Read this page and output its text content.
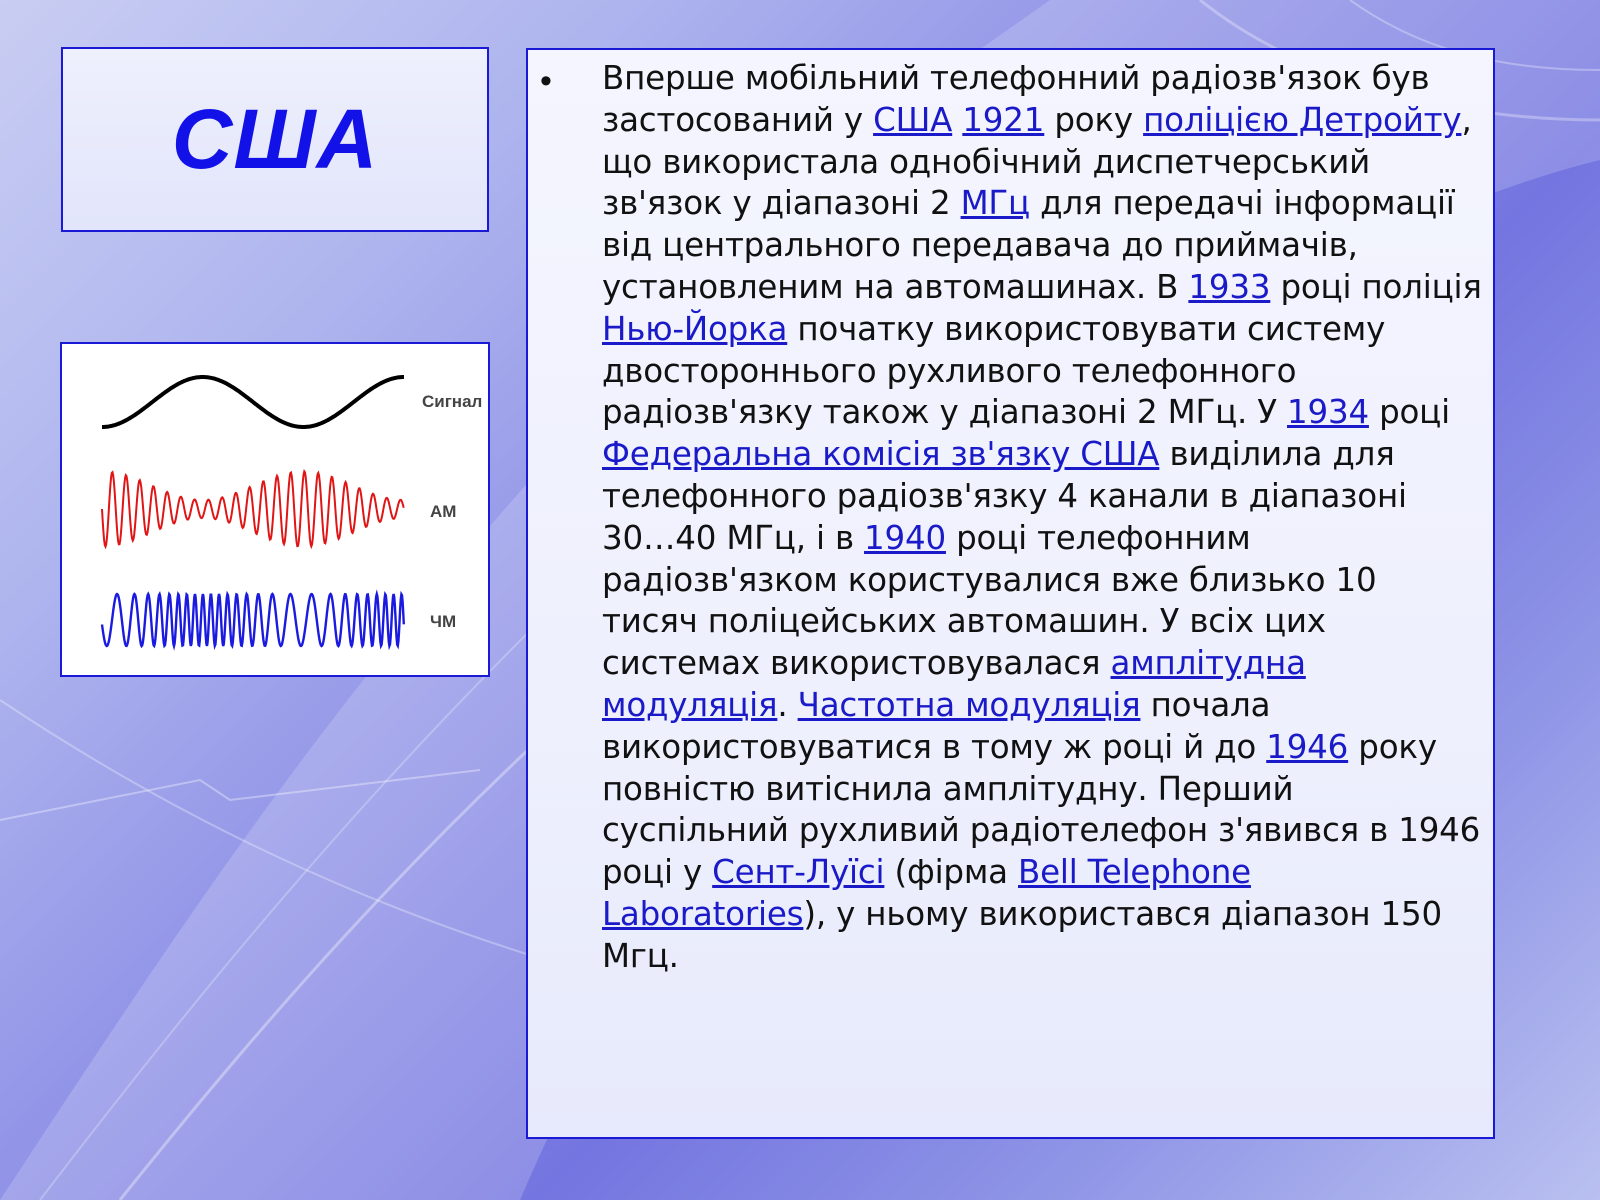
США
Сигнал
АМ
ЧМ
• Вперше мобільний телефонний радіозв'язок був застосований у США 1921 року поліцією Детройту, що використала однобічний диспетчерський зв'язок у діапазоні 2 МГц для передачі інформації від центрального передавача до приймачів, установленим на автомашинах. В 1933 році поліція Нью-Йорка початку використовувати систему двостороннього рухливого телефонного радіозв'язку також у діапазоні 2 МГц. У 1934 році Федеральна комісія зв'язку США виділила для телефонного радіозв'язку 4 канали в діапазоні 30…40 МГц, і в 1940 році телефонним радіозв'язком користувалися вже близько 10 тисяч поліцейських автомашин. У всіх цих системах використовувалася амплітудна модуляція. Частотна модуляція почала використовуватися в тому ж році й до 1946 року повністю витіснила амплітудну. Перший суспільний рухливий радіотелефон з'явився в 1946 році у Сент-Луїсі (фірма Bell Telephone Laboratories), у ньому використався діапазон 150 Мгц.
